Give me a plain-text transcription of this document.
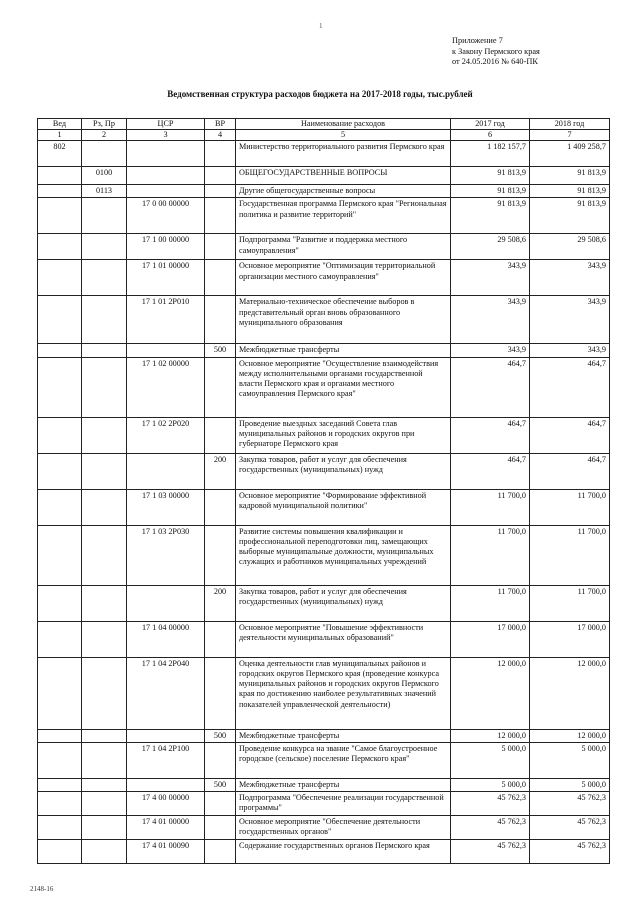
1
Приложение 7
к Закону Пермского края
от 24.05.2016 № 640-ПК
Ведомственная структура расходов бюджета на 2017-2018 годы, тыс.рублей
Вед	Рз, Пр	ЦСР	ВР	Наименование расходов	2017 год	2018 год
1	2	3	4	5	6	7
802				Министерство территориального развития Пермского края	1 182 157,7	1 409 258,7
	0100			ОБЩЕГОСУДАРСТВЕННЫЕ ВОПРОСЫ	91 813,9	91 813,9
	0113			Другие общегосударственные вопросы	91 813,9	91 813,9
		17 0 00 00000		Государственная программа Пермского края "Региональная политика и развитие территорий"	91 813,9	91 813,9
		17 1 00 00000		Подпрограмма "Развитие и поддержка местного самоуправления"	29 508,6	29 508,6
		17 1 01 00000		Основное мероприятие "Оптимизация территориальной организации местного самоуправления"	343,9	343,9
		17 1 01 2P010		Материально-техническое обеспечение выборов в представительный орган вновь образованного муниципального образования	343,9	343,9
			500	Межбюджетные трансферты	343,9	343,9
		17 1 02 00000		Основное мероприятие "Осуществление взаимодействия между исполнительными органами государственной власти Пермского края и органами местного самоуправления Пермского края"	464,7	464,7
		17 1 02 2P020		Проведение выездных заседаний Совета глав муниципальных районов и городских округов при губернаторе Пермского края	464,7	464,7
			200	Закупка товаров, работ и услуг для обеспечения государственных (муниципальных) нужд	464,7	464,7
		17 1 03 00000		Основное мероприятие "Формирование эффективной кадровой муниципальной политики"	11 700,0	11 700,0
		17 1 03 2P030		Развитие системы повышения квалификации и профессиональной переподготовки лиц, замещающих выборные муниципальные должности, муниципальных служащих и работников муниципальных учреждений	11 700,0	11 700,0
			200	Закупка товаров, работ и услуг для обеспечения государственных (муниципальных) нужд	11 700,0	11 700,0
		17 1 04 00000		Основное мероприятие "Повышение эффективности деятельности муниципальных образований"	17 000,0	17 000,0
		17 1 04 2P040		Оценка деятельности глав муниципальных районов и городских округов Пермского края (проведение конкурса муниципальных районов и городских округов Пермского края по достижению наиболее результативных значений показателей управленческой деятельности)	12 000,0	12 000,0
			500	Межбюджетные трансферты	12 000,0	12 000,0
		17 1 04 2P100		Проведение конкурса на звание "Самое благоустроенное городское (сельское) поселение Пермского края"	5 000,0	5 000,0
			500	Межбюджетные трансферты	5 000,0	5 000,0
		17 4 00 00000		Подпрограмма "Обеспечение реализации государственной программы"	45 762,3	45 762,3
		17 4 01 00000		Основное мероприятие "Обеспечение деятельности государственных органов"	45 762,3	45 762,3
		17 4 01 00090		Содержание государственных органов Пермского края	45 762,3	45 762,3
2148-16
